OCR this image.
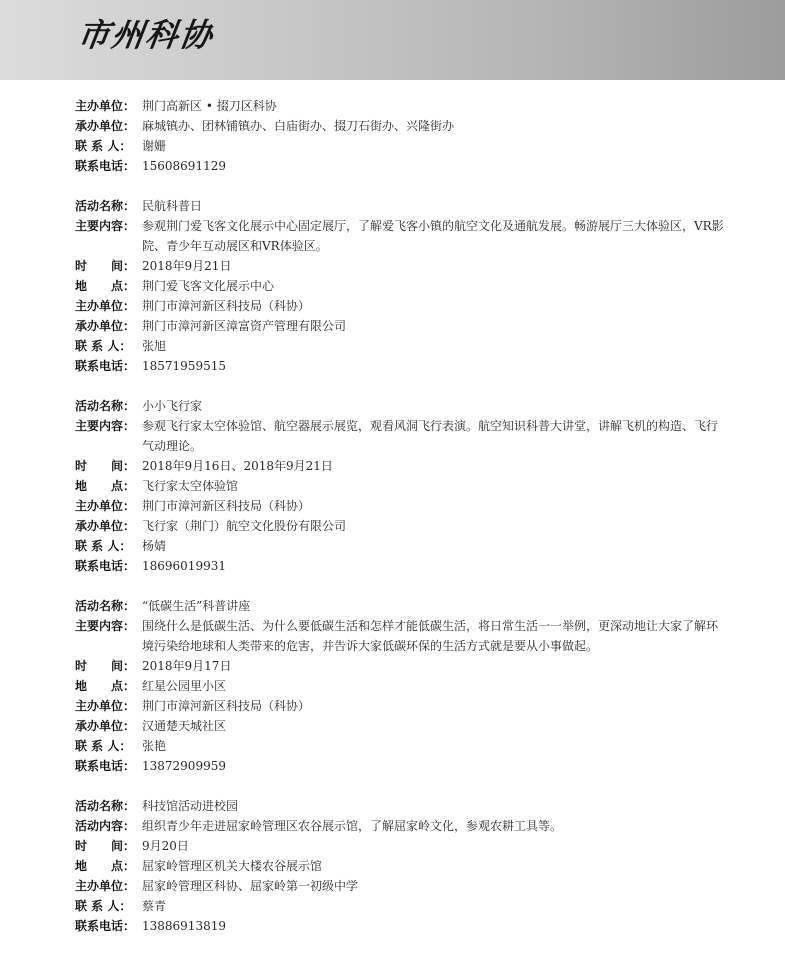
市州科协
主办单位： 荆门高新区 • 掇刀区科协
承办单位： 麻城镇办、团林铺镇办、白庙街办、掇刀石街办、兴隆街办
联 系 人： 谢姗
联系电话： 15608691129
活动名称： 民航科普日
主要内容： 参观荆门爱飞客文化展示中心固定展厅，了解爱飞客小镇的航空文化及通航发展。畅游展厅三大体验区，VR影院、青少年互动展区和VR体验区。
时　　间： 2018年9月21日
地　　点： 荆门爱飞客文化展示中心
主办单位： 荆门市漳河新区科技局（科协）
承办单位： 荆门市漳河新区漳富资产管理有限公司
联 系 人： 张旭
联系电话： 18571959515
活动名称： 小小飞行家
主要内容： 参观飞行家太空体验馆、航空器展示展览，观看风洞飞行表演。航空知识科普大讲堂，讲解飞机的构造、飞行气动理论。
时　　间： 2018年9月16日、2018年9月21日
地　　点： 飞行家太空体验馆
主办单位： 荆门市漳河新区科技局（科协）
承办单位： 飞行家（荆门）航空文化股份有限公司
联 系 人： 杨婧
联系电话： 18696019931
活动名称： “低碳生活”科普讲座
主要内容： 围绕什么是低碳生活、为什么要低碳生活和怎样才能低碳生活，将日常生活一一举例，更深动地让大家了解环境污染给地球和人类带来的危害，并告诉大家低碳环保的生活方式就是要从小事做起。
时　　间： 2018年9月17日
地　　点： 红星公园里小区
主办单位： 荆门市漳河新区科技局（科协）
承办单位： 汉通楚天城社区
联 系 人： 张艳
联系电话： 13872909959
活动名称： 科技馆活动进校园
活动内容： 组织青少年走进屈家岭管理区农谷展示馆，了解屈家岭文化，参观农耕工具等。
时　　间： 9月20日
地　　点： 屈家岭管理区机关大楼农谷展示馆
主办单位： 屈家岭管理区科协、屈家岭第一初级中学
联 系 人： 蔡青
联系电话： 13886913819
